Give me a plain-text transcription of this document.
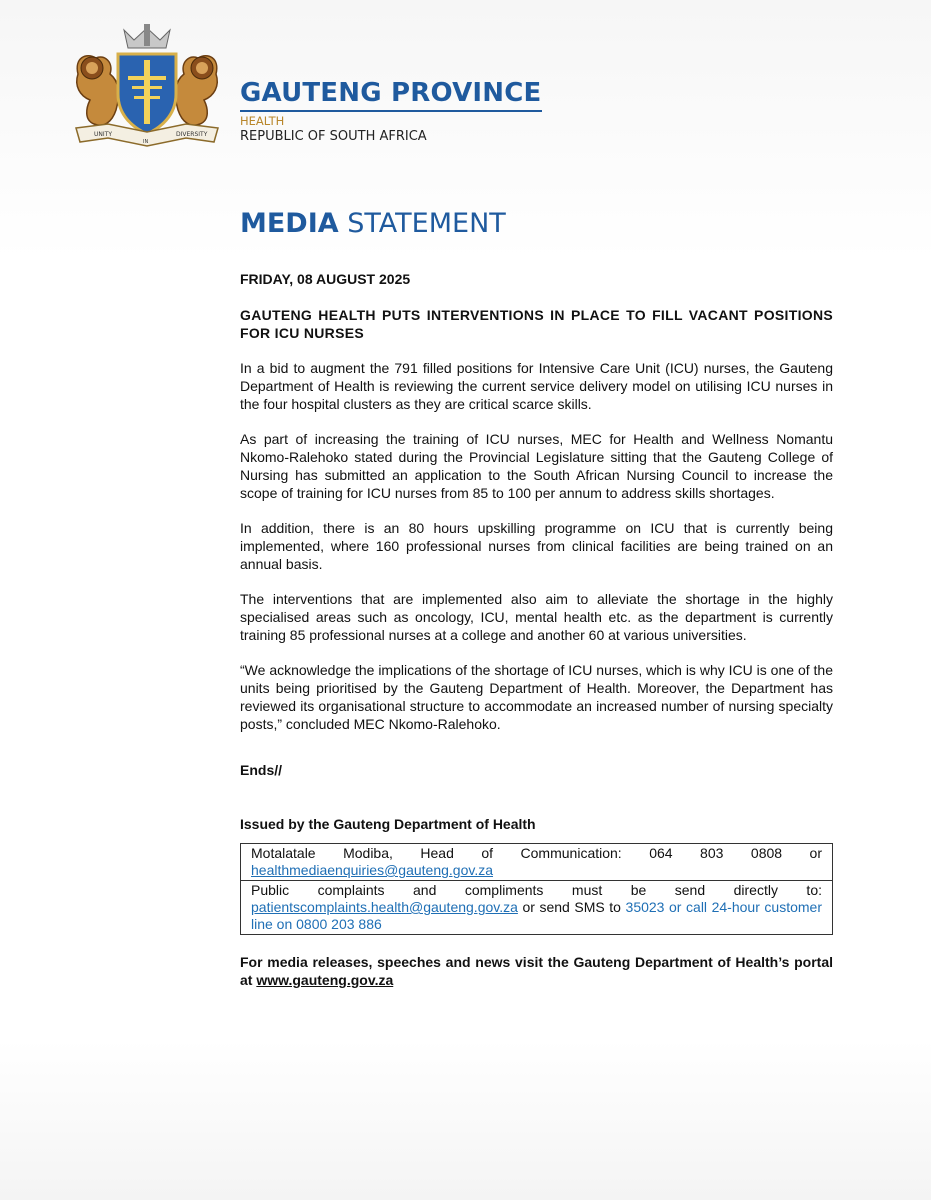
UNITY
IN
DIVERSITY
GAUTENG PROVINCE
HEALTH
REPUBLIC OF SOUTH AFRICA
MEDIA STATEMENT
FRIDAY, 08 AUGUST 2025
GAUTENG HEALTH PUTS INTERVENTIONS IN PLACE TO FILL VACANT POSITIONS FOR ICU NURSES
In a bid to augment the 791 filled positions for Intensive Care Unit (ICU) nurses, the Gauteng Department of Health is reviewing the current service delivery model on utilising ICU nurses in the four hospital clusters as they are critical scarce skills.
As part of increasing the training of ICU nurses, MEC for Health and Wellness Nomantu Nkomo-Ralehoko stated during the Provincial Legislature sitting that the Gauteng College of Nursing has submitted an application to the South African Nursing Council to increase the scope of training for ICU nurses from 85 to 100 per annum to address skills shortages.
In addition, there is an 80 hours upskilling programme on ICU that is currently being implemented, where 160 professional nurses from clinical facilities are being trained on an annual basis.
The interventions that are implemented also aim to alleviate the shortage in the highly specialised areas such as oncology, ICU, mental health etc. as the department is currently training 85 professional nurses at a college and another 60 at various universities.
“We acknowledge the implications of the shortage of ICU nurses, which is why ICU is one of the units being prioritised by the Gauteng Department of Health. Moreover, the Department has reviewed its organisational structure to accommodate an increased number of nursing specialty posts,” concluded MEC Nkomo-Ralehoko.
Ends//
Issued by the Gauteng Department of Health
Motalatale Modiba, Head of Communication: 064 803 0808 or healthmediaenquiries@gauteng.gov.za
Public complaints and compliments must be send directly to: patientscomplaints.health@gauteng.gov.za or send SMS to 35023 or call 24-hour customer line on 0800 203 886
For media releases, speeches and news visit the Gauteng Department of Health’s portal at www.gauteng.gov.za
